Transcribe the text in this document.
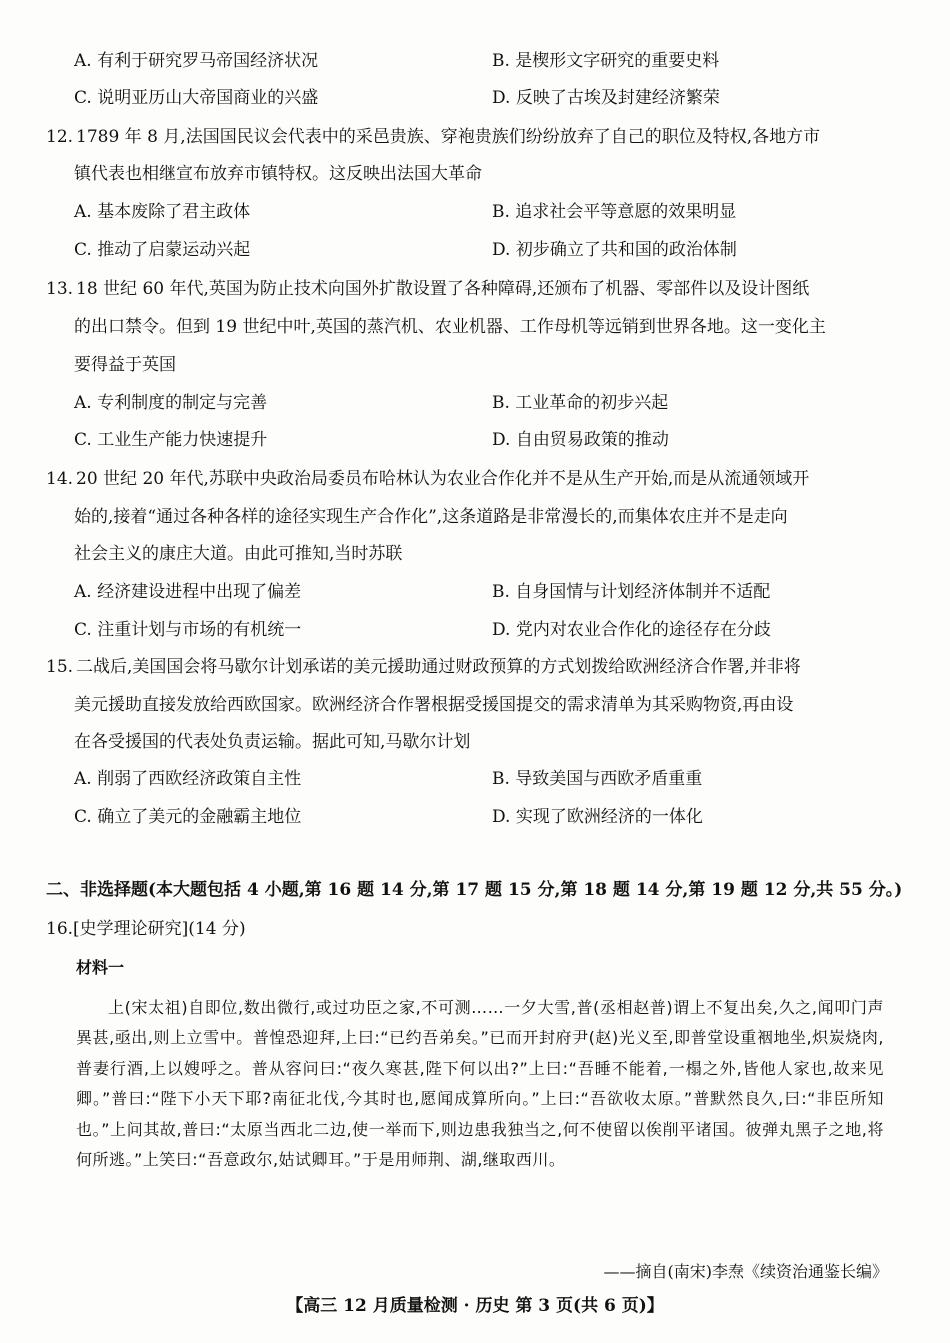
A. 有利于研究罗马帝国经济状况	B. 是楔形文字研究的重要史料
C. 说明亚历山大帝国商业的兴盛	D. 反映了古埃及封建经济繁荣
12. 1789 年 8 月,法国国民议会代表中的采邑贵族、穿袍贵族们纷纷放弃了自己的职位及特权,各地方市
镇代表也相继宣布放弃市镇特权。这反映出法国大革命
A. 基本废除了君主政体	B. 追求社会平等意愿的效果明显
C. 推动了启蒙运动兴起	D. 初步确立了共和国的政治体制
13. 18 世纪 60 年代,英国为防止技术向国外扩散设置了各种障碍,还颁布了机器、零部件以及设计图纸
的出口禁令。但到 19 世纪中叶,英国的蒸汽机、农业机器、工作母机等远销到世界各地。这一变化主
要得益于英国
A. 专利制度的制定与完善	B. 工业革命的初步兴起
C. 工业生产能力快速提升	D. 自由贸易政策的推动
14. 20 世纪 20 年代,苏联中央政治局委员布哈林认为农业合作化并不是从生产开始,而是从流通领域开
始的,接着“通过各种各样的途径实现生产合作化”,这条道路是非常漫长的,而集体农庄并不是走向
社会主义的康庄大道。由此可推知,当时苏联
A. 经济建设进程中出现了偏差	B. 自身国情与计划经济体制并不适配
C. 注重计划与市场的有机统一	D. 党内对农业合作化的途径存在分歧
15. 二战后,美国国会将马歇尔计划承诺的美元援助通过财政预算的方式划拨给欧洲经济合作署,并非将
美元援助直接发放给西欧国家。欧洲经济合作署根据受援国提交的需求清单为其采购物资,再由设
在各受援国的代表处负责运输。据此可知,马歇尔计划
A. 削弱了西欧经济政策自主性	B. 导致美国与西欧矛盾重重
C. 确立了美元的金融霸主地位	D. 实现了欧洲经济的一体化
二、非选择题(本大题包括 4 小题,第 16 题 14 分,第 17 题 15 分,第 18 题 14 分,第 19 题 12 分,共 55 分。)
16.[史学理论研究](14 分)
材料一
上(宋太祖)自即位,数出微行,或过功臣之家,不可测……一夕大雪,普(丞相赵普)谓上不复出矣,久之,闻叩门声異甚,亟出,则上立雪中。普惶恐迎拜,上曰:“已约吾弟矣。”已而开封府尹(赵)光义至,即普堂设重裀地坐,炽炭烧肉,普妻行酒,上以嫂呼之。普从容问曰:“夜久寒甚,陛下何以出?”上曰:“吾睡不能着,一榻之外,皆他人家也,故来见卿。”普曰:“陛下小天下耶?南征北伐,今其时也,愿闻成算所向。”上曰:“吾欲收太原。”普默然良久,曰:“非臣所知也。”上问其故,普曰:“太原当西北二边,使一举而下,则边患我独当之,何不使留以俟削平诸国。彼弹丸黑子之地,将何所逃。”上笑曰:“吾意政尔,姑试卿耳。”于是用师荆、湖,继取西川。
——摘自(南宋)李焘《续资治通鉴长编》
【高三 12 月质量检测 · 历史 第 3 页(共 6 页)】
